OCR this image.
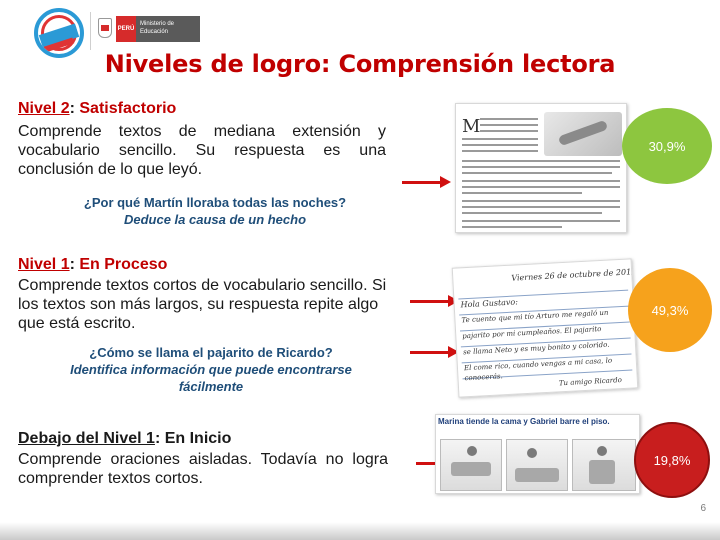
PERÚ
Ministerio de Educación
Niveles de logro: Comprensión lectora
Nivel 2: Satisfactorio
Comprende textos de mediana extensión y vocabulario sencillo. Su respuesta es una conclusión de lo que leyó.
¿Por qué Martín lloraba todas las noches?
Deduce la causa de un hecho
M
30,9%
Nivel 1: En Proceso
Comprende textos cortos de vocabulario sencillo. Si los textos son más largos, su respuesta repite algo que está escrito.
¿Cómo se llama el pajarito de Ricardo?
Identifica información que puede encontrarse fácilmente
Viernes 26 de octubre de 2012
Hola Gustavo:
Te cuento que mi tío Arturo me regaló un
pajarito por mi cumpleaños. El pajarito
se llama Neto y es muy bonito y colorido.
El come rico, cuando vengas a mi casa, lo
conocerás.	Tu amigo Ricardo
49,3%
Debajo del Nivel 1: En Inicio
Comprende oraciones aisladas. Todavía no logra comprender textos cortos.
Marina tiende la cama y Gabriel barre el piso.
19,8%
6
